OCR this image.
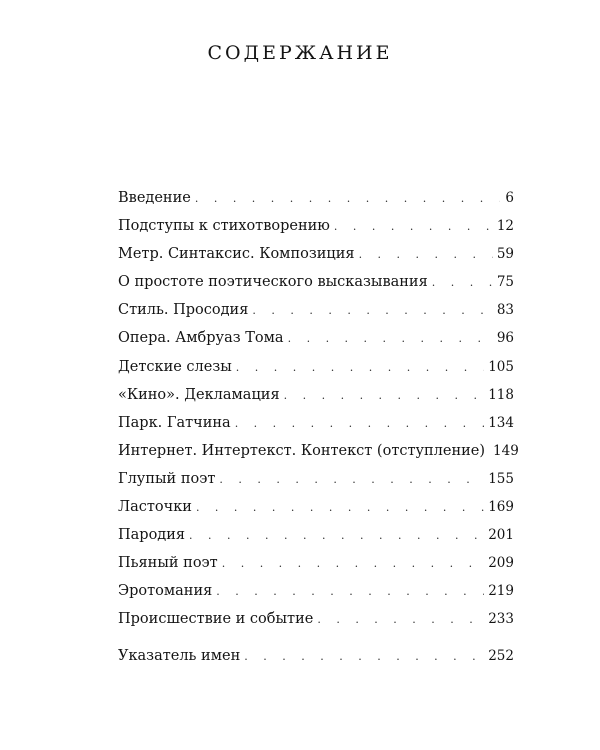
СОДЕРЖАНИЕ
Введение . . .	6
Подступы к стихотворению . . .	12
Метр. Синтаксис. Композиция . . .	59
О простоте поэтического высказывания . . .	75
Стиль. Просодия . . .	83
Опера. Амбруаз Тома . . .	96
Детские слезы . . .	105
«Кино». Декламация . . .	118
Парк. Гатчина . . .	134
Интернет. Интертекст. Контекст (отступление) 149
Глупый поэт . . .	155
Ласточки . . .	169
Пародия . . .	201
Пьяный поэт . . .	209
Эротомания . . .	219
Происшествие и событие . . .	233
Указатель имен . . .	252
